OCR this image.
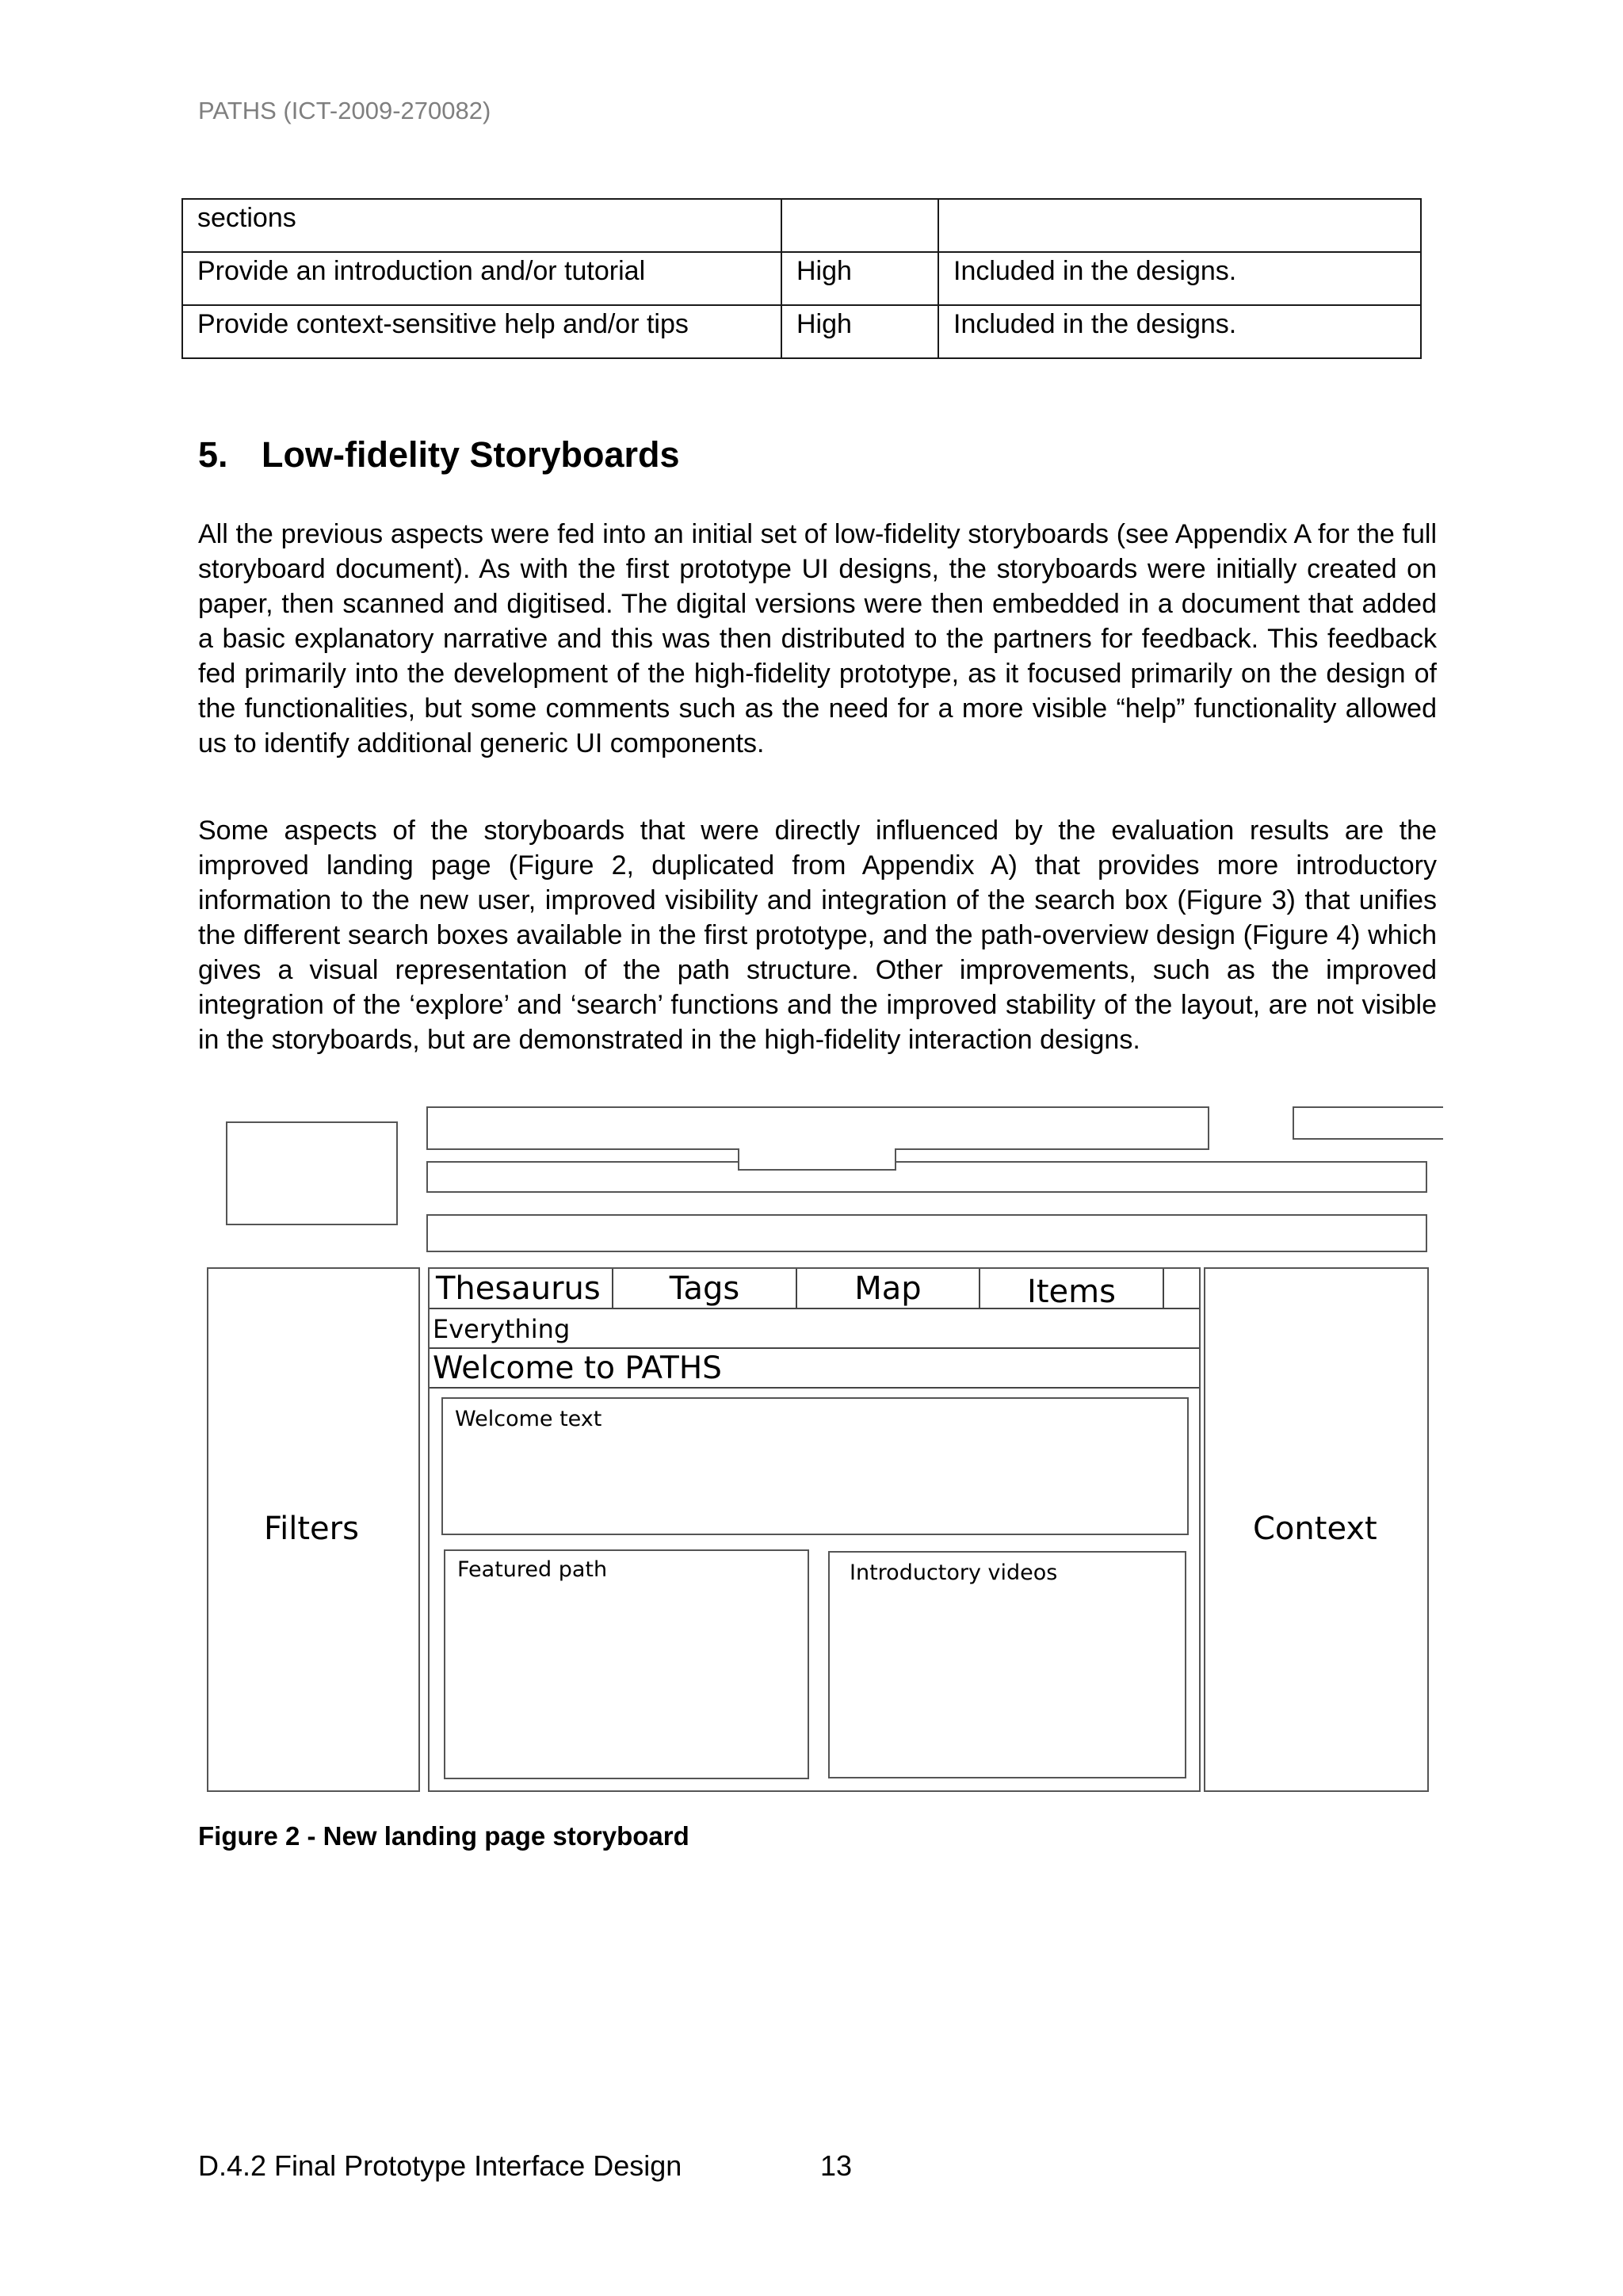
PATHS (ICT-2009-270082)
sections		
Provide an introduction and/or tutorial	High	Included in the designs.
Provide context-sensitive help and/or tips	High	Included in the designs.
5. Low-fidelity Storyboards

All the previous aspects were fed into an initial set of low-fidelity storyboards (see Appendix A for the full storyboard document). As with the first prototype UI designs, the storyboards were initially created on paper, then scanned and digitised. The digital versions were then embedded in a document that added a basic explanatory narrative and this was then distributed to the partners for feedback. This feedback fed primarily into the development of the high-fidelity prototype, as it focused primarily on the design of the functionalities, but some comments such as the need for a more visible “help” functionality allowed us to identify additional generic UI components.

Some aspects of the storyboards that were directly influenced by the evaluation results are the improved landing page (Figure 2, duplicated from Appendix A) that provides more introductory information to the new user, improved visibility and integration of the search box (Figure 3) that unifies the different search boxes available in the first prototype, and the path-overview design (Figure 4) which gives a visual representation of the path structure. Other improvements, such as the improved integration of the ‘explore’ and ‘search’ functions and the improved stability of the layout, are not visible in the storyboards, but are demonstrated in the high-fidelity interaction designs.

Filters
Thesaurus	Tags	Map	Items
Everything
Welcome to PATHS
Welcome text
Featured path	Introductory videos
Context
Figure 2 - New landing page storyboard
D.4.2 Final Prototype Interface Design	13
